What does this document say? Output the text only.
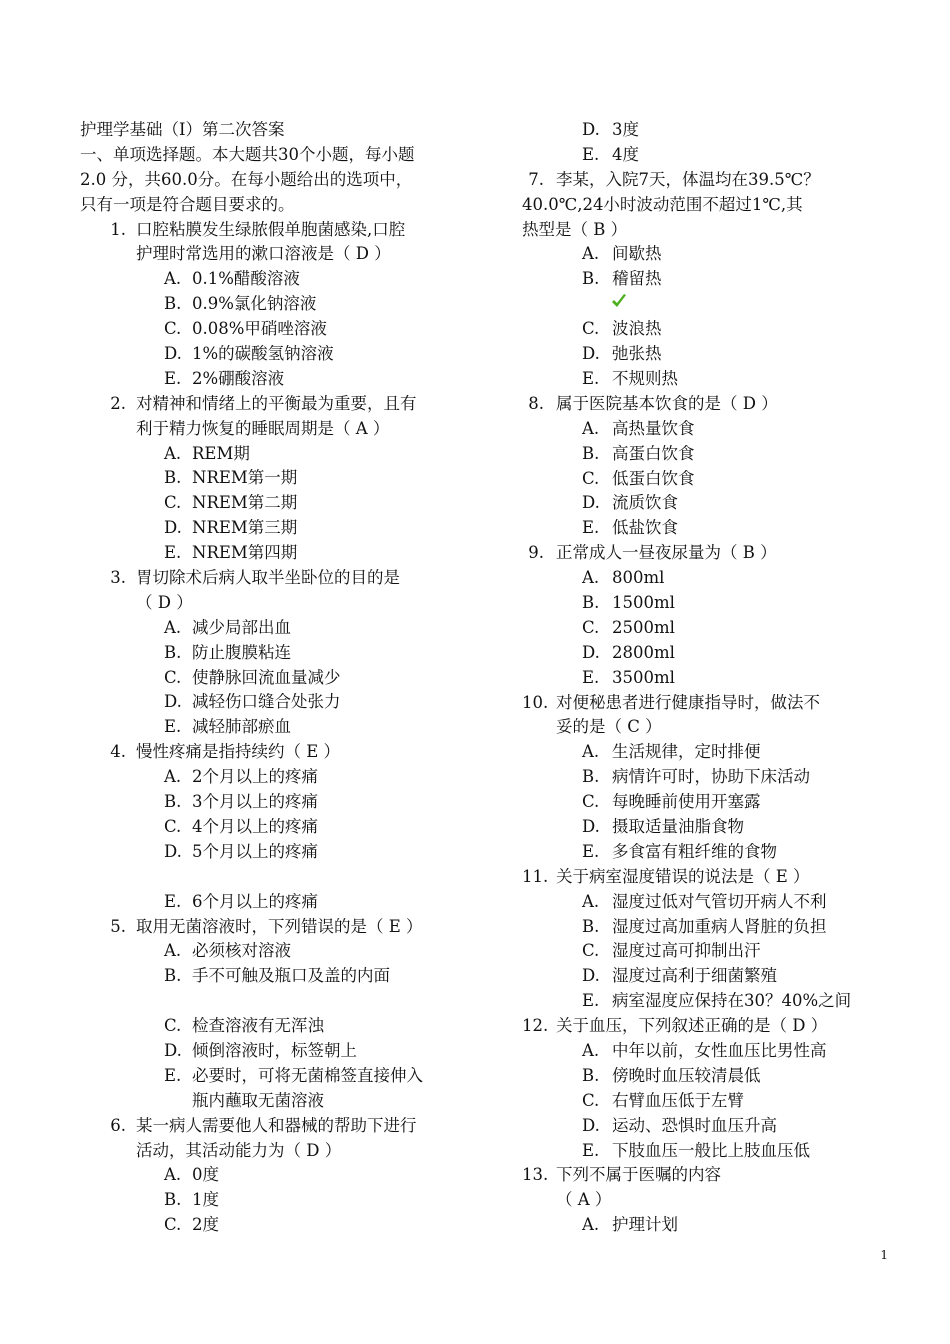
护理学基础（I）第二次答案
一、单项选择题。本大题共30个小题，每小题
2.0 分，共60.0分。在每小题给出的选项中，
只有一项是符合题目要求的。
1. 口腔粘膜发生绿脓假单胞菌感染,口腔
护理时常选用的漱口溶液是（ D ）
A. 0.1%醋酸溶液
B. 0.9%氯化钠溶液
C. 0.08%甲硝唑溶液
D. 1%的碳酸氢钠溶液
E. 2%硼酸溶液
2. 对精神和情绪上的平衡最为重要，且有
利于精力恢复的睡眠周期是（ A ）
A. REM期
B. NREM第一期
C. NREM第二期
D. NREM第三期
E. NREM第四期
3. 胃切除术后病人取半坐卧位的目的是
（ D ）
A. 减少局部出血
B. 防止腹膜粘连
C. 使静脉回流血量减少
D. 减轻伤口缝合处张力
E. 减轻肺部瘀血
4. 慢性疼痛是指持续约（ E ）
A. 2个月以上的疼痛
B. 3个月以上的疼痛
C. 4个月以上的疼痛
D. 5个月以上的疼痛
E. 6个月以上的疼痛
5. 取用无菌溶液时，下列错误的是（ E ）
A. 必须核对溶液
B. 手不可触及瓶口及盖的内面
C. 检查溶液有无浑浊
D. 倾倒溶液时，标签朝上
E. 必要时，可将无菌棉签直接伸入
瓶内蘸取无菌溶液
6. 某一病人需要他人和器械的帮助下进行
活动，其活动能力为（ D ）
A. 0度
B. 1度
C. 2度
D. 3度
E. 4度
7. 李某，入院7天，体温均在39.5℃？
40.0℃,24小时波动范围不超过1℃,其
热型是（ B ）
A. 间歇热
B. 稽留热
C. 波浪热
D. 弛张热
E. 不规则热
8. 属于医院基本饮食的是（ D ）
A. 高热量饮食
B. 高蛋白饮食
C. 低蛋白饮食
D. 流质饮食
E. 低盐饮食
9. 正常成人一昼夜尿量为（ B ）
A. 800ml
B. 1500ml
C. 2500ml
D. 2800ml
E. 3500ml
10. 对便秘患者进行健康指导时，做法不
妥的是（ C ）
A. 生活规律，定时排便
B. 病情许可时，协助下床活动
C. 每晚睡前使用开塞露
D. 摄取适量油脂食物
E. 多食富有粗纤维的食物
11. 关于病室湿度错误的说法是（ E ）
A. 湿度过低对气管切开病人不利
B. 湿度过高加重病人肾脏的负担
C. 湿度过高可抑制出汗
D. 湿度过高利于细菌繁殖
E. 病室湿度应保持在30？40%之间
12. 关于血压，下列叙述正确的是（ D ）
A. 中年以前，女性血压比男性高
B. 傍晚时血压较清晨低
C. 右臂血压低于左臂
D. 运动、恐惧时血压升高
E. 下肢血压一般比上肢血压低
13. 下列不属于医嘱的内容
（ A ）
A. 护理计划
1
